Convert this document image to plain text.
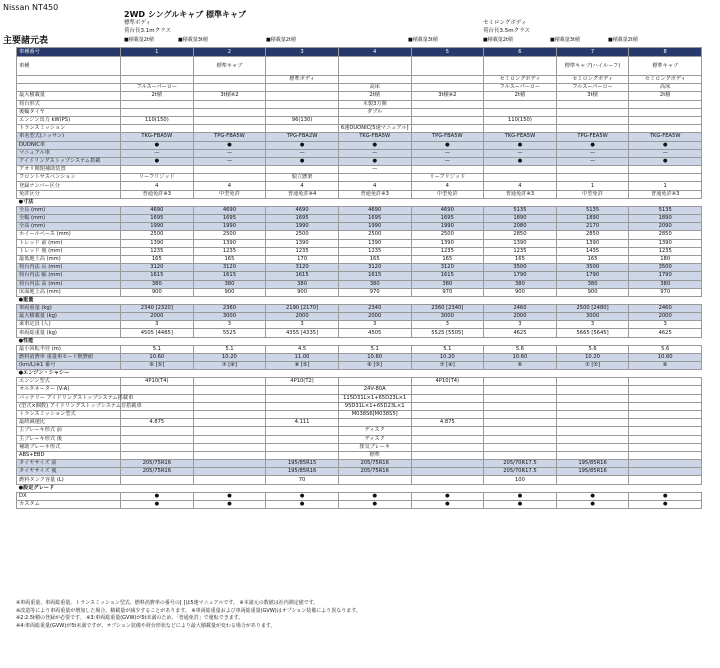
Nissan NT450
2WD シングルキャブ 標準キャブ
標準ボディ
荷台長3.1mクラス
セミロングボディ
荷台長3.5mクラス
■積載量2t積	■積載量3t積	■積載量2t積	■積載量3t積	■積載量2t積	■積載量3t積	■積載量2t積
主要諸元表
車種番号	1	2	3	4	5	6	7	8
車種		標準キャブ					標準キャブ(ハイルーフ)	標準キャブ
			標準ボディ			セミロングボディ	セミロングボディ	セミロングボディ
	フルスーパーロー			高床		フルスーパーロー	フルスーパーロー	高床
最大積載量	2t積	3t積※2		2t積	3t積※2	2t積	3t積	2t積
荷台形式				木製3方開				
後輪タイヤ				ダブル				
エンジン出力 kW(PS)	110(150)		96(130)			110(150)		
トランスミッション				6速DUONIC[5速マニュアル]				
車名型式(ニッサン)	TKG-FBA5W	TPG-FBA5W	TPG-FBA2W	TKG-FBA5W	TPG-FBA5W	TKG-FEA5W	TPG-FEA5W	TKG-FEA5W
DUONIC車	●	●	●	●	●	●	●	●
マニュアル車	—	—	—	—	—	—	—	—
アイドリングストップシステム搭載	●	—	●	●	—	●	—	●
アオリ開閉補助装置				—				
フロントサスペンション	リーフリジッド		独立懸架		リーフリジッド			
登録ナンバー区分	4	4	4	4	4	4	1	1
免許区分	普通免許※3	中型免許	普通免許※4	普通免許※3	中型免許	普通免許※3	中型免許	普通免許※3
●寸法								
全長 (mm)	4690	4690	4690	4690	4690	5135	5135	5135
全幅 (mm)	1695	1695	1695	1695	1695	1890	1890	1890
全高 (mm)	1990	1990	1990	1990	1990	2080	2170	2090
ホイールベース (mm)	2500	2500	2500	2500	2500	2850	2850	2850
トレッド 前 (mm)	1390	1390	1390	1390	1390	1390	1390	1390
トレッド 後 (mm)	1235	1235	1235	1235	1235	1235	1435	1235
最低地上高 (mm)	165	165	170	165	165	165	165	180
荷台内法 長 (mm)	3120	3120	3120	3120	3120	3500	3500	3500
荷台内法 幅 (mm)	1615	1615	1615	1615	1615	1790	1790	1790
荷台内法 高 (mm)	380	380	380	380	380	380	380	380
床面地上高 (mm)	900	900	900	970	970	900	900	970
●重量								
車両重量 (kg)	2340 [2320]	2360	2190 [2170]	2340	2360 [2340]	2460	2500 [2480]	2460
最大積載量 (kg)	2000	3000	2000	2000	3000	2000	3000	2000
乗車定員 (人)	3	3	3	3	3	3	3	3
車両総重量 (kg)	4505 [4485]	5525	4355 [4335]	4505	5525 [5505]	4625	5665 [5645]	4625
●性能								
最小回転半径 (m)	5.1	5.1	4.5	5.1	5.1	5.6	5.6	5.6
燃料消費率 重量車モード燃費値	10.60	10.20	11.00	10.60	10.20	10.60	10.20	10.60
(km/L)※1 番号	⑥ [⑤]	⑦ [⑧]	⑧ [⑤]	⑥ [⑤]	⑦ [⑧]	⑥	⑦ [⑤]	⑥
●エンジン・シャシー								
エンジン型式	4P10(T4)		4P10(T2)		4P10(T4)			
オルタネーター (V-A)				24V-80A				
バッテリー アイドリングストップシステム搭載車				115D31L×1+65D23L×1				
(型式×個数) アイドリングストップシステム非搭載車				95D31L×1+65D23L×1				
トランスミッション型式				M038S6[M038S5]				
最終減速比	4.875		4.111		4.875			
主ブレーキ形式 前				ディスク				
主ブレーキ形式 後				ディスク				
補助ブレーキ形式				排気ブレーキ				
ABS+EBD				標準				
タイヤサイズ 前	205/75R16		195/85R15	205/75R16		205/70R17.5	195/85R16	
タイヤサイズ 後	205/75R16		195/85R16	205/75R16		205/70R17.5	195/85R16	
燃料タンク容量 (L)			70			100		
●設定グレード								
DX	●	●	●	●	●	●	●	●
カスタム	●	●	●	●	●	●	●	●
※車両重量、車両総重量、トランスミッション型式、燃料消費率の番号の[ ]は5速マニュアルです。 ※本諸元の数値は社内測定値です。
※改造等により車両重量が増加した場合、積載量が減少することがあります。 ※車両総重量および車両総重量(GVW)はオプション装備により異なります。
※2:2.5t積の登録が必要です。 ※3:車両総重量(GVW)が5t未満のため、「普通免許」で運転できます。
※4:車両総重量(GVW)が5t未満ですが、オプション装備や荷台形状などにより最大積載量が変わる場合があります。
